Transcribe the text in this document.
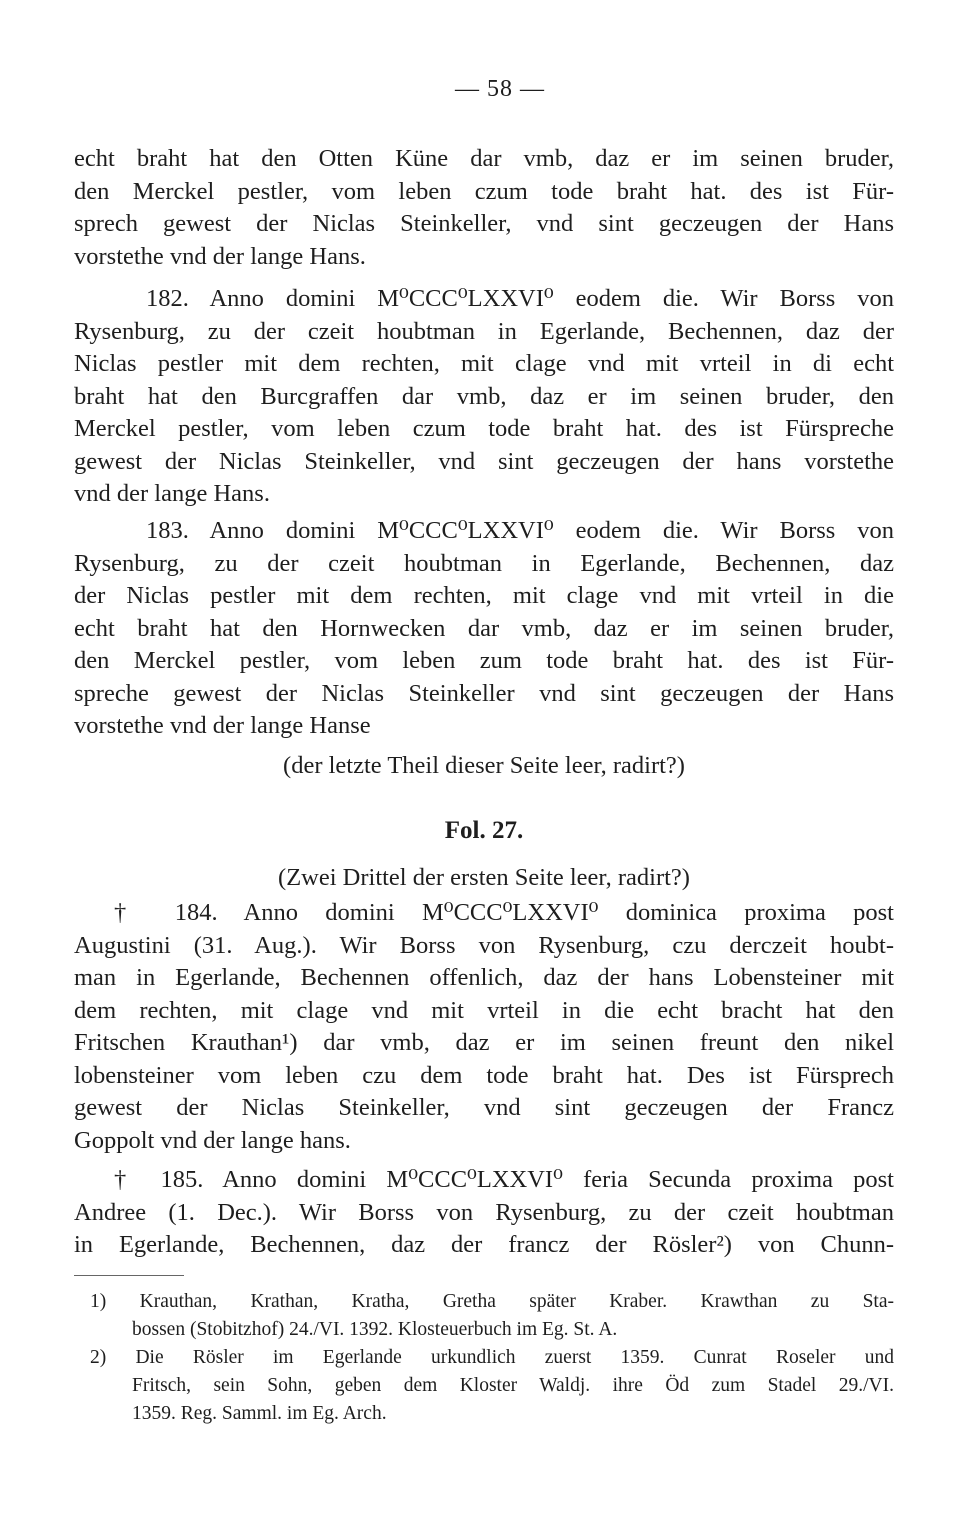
— 58 —
echt braht hat den Otten Küne dar vmb, daz er im seinen bruder,
den Merckel pestler, vom leben czum tode braht hat. des ist Für-
sprech gewest der Niclas Steinkeller, vnd sint geczeugen der Hans
vorstethe vnd der lange Hans.
182. Anno domini M⁰CCC⁰LXXVI⁰ eodem die. Wir Borss von
Rysenburg, zu der czeit houbtman in Egerlande, Bechennen, daz der
Niclas pestler mit dem rechten, mit clage vnd mit vrteil in di echt
braht hat den Burcgraffen dar vmb, daz er im seinen bruder, den
Merckel pestler, vom leben czum tode braht hat. des ist Fürspreche
gewest der Niclas Steinkeller, vnd sint geczeugen der hans vorstethe
vnd der lange Hans.
183. Anno domini M⁰CCC⁰LXXVI⁰ eodem die. Wir Borss von
Rysenburg, zu der czeit houbtman in Egerlande, Bechennen, daz
der Niclas pestler mit dem rechten, mit clage vnd mit vrteil in die
echt braht hat den Hornwecken dar vmb, daz er im seinen bruder,
den Merckel pestler, vom leben zum tode braht hat. des ist Für-
spreche gewest der Niclas Steinkeller vnd sint geczeugen der Hans
vorstethe vnd der lange Hanse
(der letzte Theil dieser Seite leer, radirt?)
Fol. 27.
(Zwei Drittel der ersten Seite leer, radirt?)
† 184. Anno domini M⁰CCC⁰LXXVI⁰ dominica proxima post
Augustini (31. Aug.). Wir Borss von Rysenburg, czu derczeit houbt-
man in Egerlande, Bechennen offenlich, daz der hans Lobensteiner mit
dem rechten, mit clage vnd mit vrteil in die echt bracht hat den
Fritschen Krauthan¹) dar vmb, daz er im seinen freunt den nikel
lobensteiner vom leben czu dem tode braht hat. Des ist Fürsprech
gewest der Niclas Steinkeller, vnd sint geczeugen der Francz
Goppolt vnd der lange hans.
† 185. Anno domini M⁰CCC⁰LXXVI⁰ feria Secunda proxima post
Andree (1. Dec.). Wir Borss von Rysenburg, zu der czeit houbtman
in Egerlande, Bechennen, daz der francz der Rösler²) von Chunn-
1) Krauthan, Krathan, Kratha, Gretha später Kraber. Krawthan zu Sta-
bossen (Stobitzhof) 24./VI. 1392. Klosteuerbuch im Eg. St. A.
2) Die Rösler im Egerlande urkundlich zuerst 1359. Cunrat Roseler und
Fritsch, sein Sohn, geben dem Kloster Waldj. ihre Öd zum Stadel 29./VI.
1359. Reg. Samml. im Eg. Arch.
